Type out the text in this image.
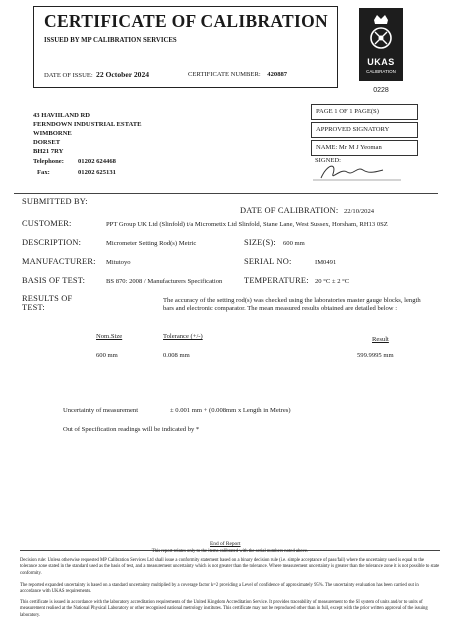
CERTIFICATE OF CALIBRATION
ISSUED BY MP CALIBRATION SERVICES
DATE OF ISSUE: 22 October 2024	CERTIFICATE NUMBER: 420887
UKAS
CALIBRATION
0228
43 HAVIILAND RD
FERNDOWN INDUSTRIAL ESTATE
WIMBORNE
DORSET
BH21 7RY
Telephone: 01202 624468
Fax:	01202 625131
PAGE 1 OF 1 PAGE(S)
APPROVED SIGNATORY
NAME: Mr M J Yeoman
SIGNED:
SUBMITTED BY:
DATE OF CALIBRATION: 22/10/2024
CUSTOMER:	PPT Group UK Ltd (Slinfold) t/a Micrometix Ltd Slinfold, Stane Lane, West Sussex, Horsham, RH13 0SZ
DESCRIPTION:	Micrometer Setting Rod(s) Metric	SIZE(S): 600 mm
MANUFACTURER: Mitutoyo	SERIAL NO:	IM0491
BASIS OF TEST:	BS 870: 2008 / Manufacturers Specification	TEMPERATURE: 20 °C ± 2 °C
RESULTS OF TEST:
The accuracy of the setting rod(s) was checked using the laboratories master gauge blocks, length bars and electronic comparator. The mean measured results obtained are detailed below :
Nom.Size	Tolerance (+/-)	Result
600 mm	0.008 mm	599.9995 mm
Uncertainty of measurement	± 0.001 mm + (0.008mm x Length in Metres)
Out of Specification readings will be indicated by *
End of Report
This report relates only to the items calibrated with the serial numbers noted above.
Decision rule: Unless otherwise requested MP Calibration Services Ltd shall issue a conformity statement based on a binary decision rule (i.e. simple acceptance of pass/fail) where the uncertainty used is equal to the tolerance zone stated in the standard used as the basis of test, and a measurement uncertainty which is not greater than the tolerance. Where measurement uncertainty is greater than the tolerance zone it is not possible to state conformity.
The reported expanded uncertainty is based on a standard uncertainty multiplied by a coverage factor k=2 providing a Level of confidence of approximately 95%. The uncertainty evaluation has been carried out in accordance with UKAS requirements.
This certificate is issued in accordance with the laboratory accreditation requirements of the United Kingdom Accreditation Service. It provides traceability of measurement to the SI system of units and/or to units of measurement realised at the National Physical Laboratory or other recognised national metrology institutes. This certificate may not be reproduced other than in full, except with the prior written approval of the issuing laboratory.
